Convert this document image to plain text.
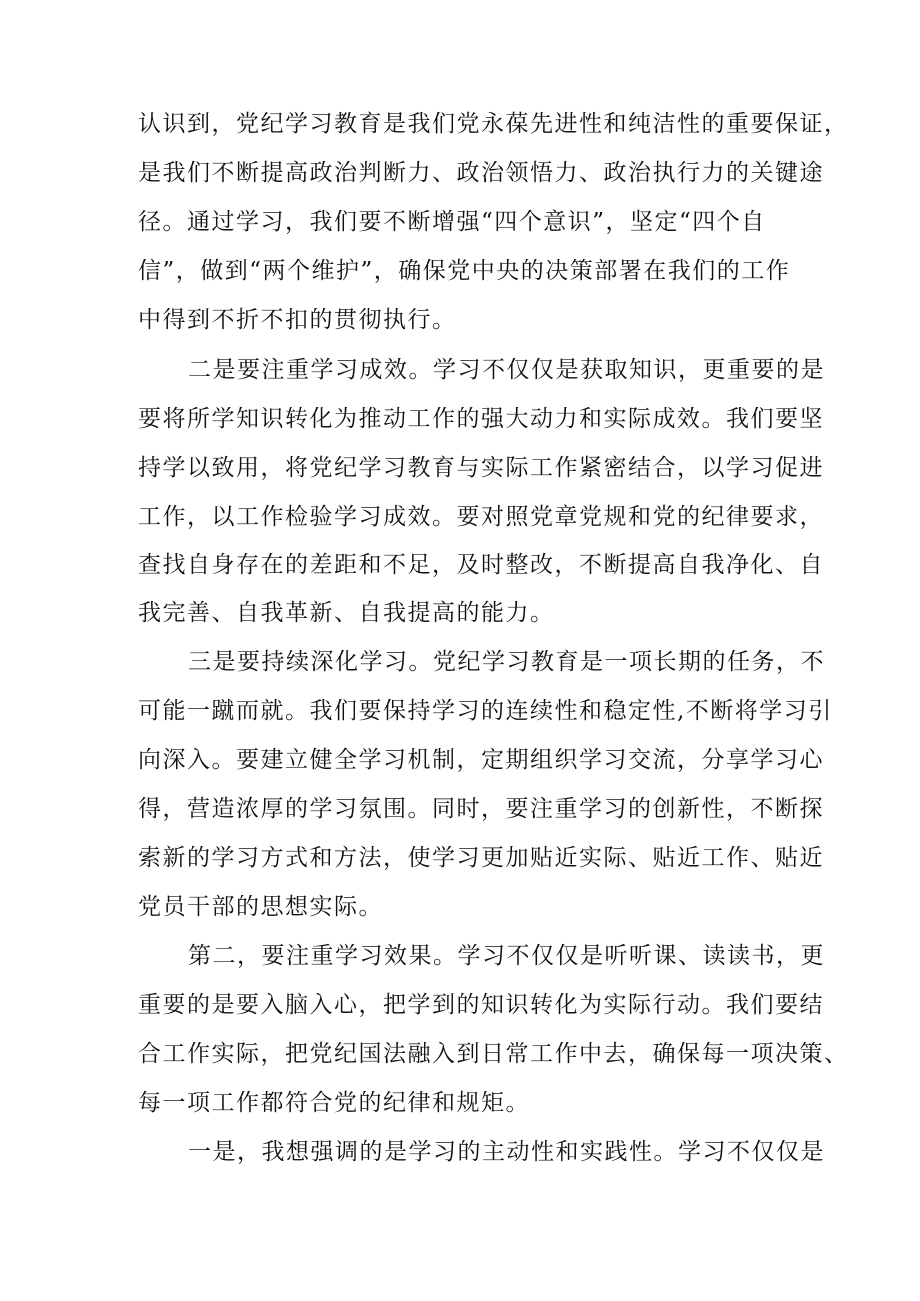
认识到，党纪学习教育是我们党永葆先进性和纯洁性的重要保证，
是我们不断提高政治判断力、政治领悟力、政治执行力的关键途
径。通过学习，我们要不断增强“四个意识”，坚定“四个自
信”，做到“两个维护”，确保党中央的决策部署在我们的工作
中得到不折不扣的贯彻执行。
二是要注重学习成效。学习不仅仅是获取知识，更重要的是
要将所学知识转化为推动工作的强大动力和实际成效。我们要坚
持学以致用，将党纪学习教育与实际工作紧密结合，以学习促进
工作，以工作检验学习成效。要对照党章党规和党的纪律要求，
查找自身存在的差距和不足，及时整改，不断提高自我净化、自
我完善、自我革新、自我提高的能力。
三是要持续深化学习。党纪学习教育是一项长期的任务，不
可能一蹴而就。我们要保持学习的连续性和稳定性,不断将学习引
向深入。要建立健全学习机制，定期组织学习交流，分享学习心
得，营造浓厚的学习氛围。同时，要注重学习的创新性，不断探
索新的学习方式和方法，使学习更加贴近实际、贴近工作、贴近
党员干部的思想实际。
第二，要注重学习效果。学习不仅仅是听听课、读读书，更
重要的是要入脑入心，把学到的知识转化为实际行动。我们要结
合工作实际，把党纪国法融入到日常工作中去，确保每一项决策、
每一项工作都符合党的纪律和规矩。
一是，我想强调的是学习的主动性和实践性。学习不仅仅是
